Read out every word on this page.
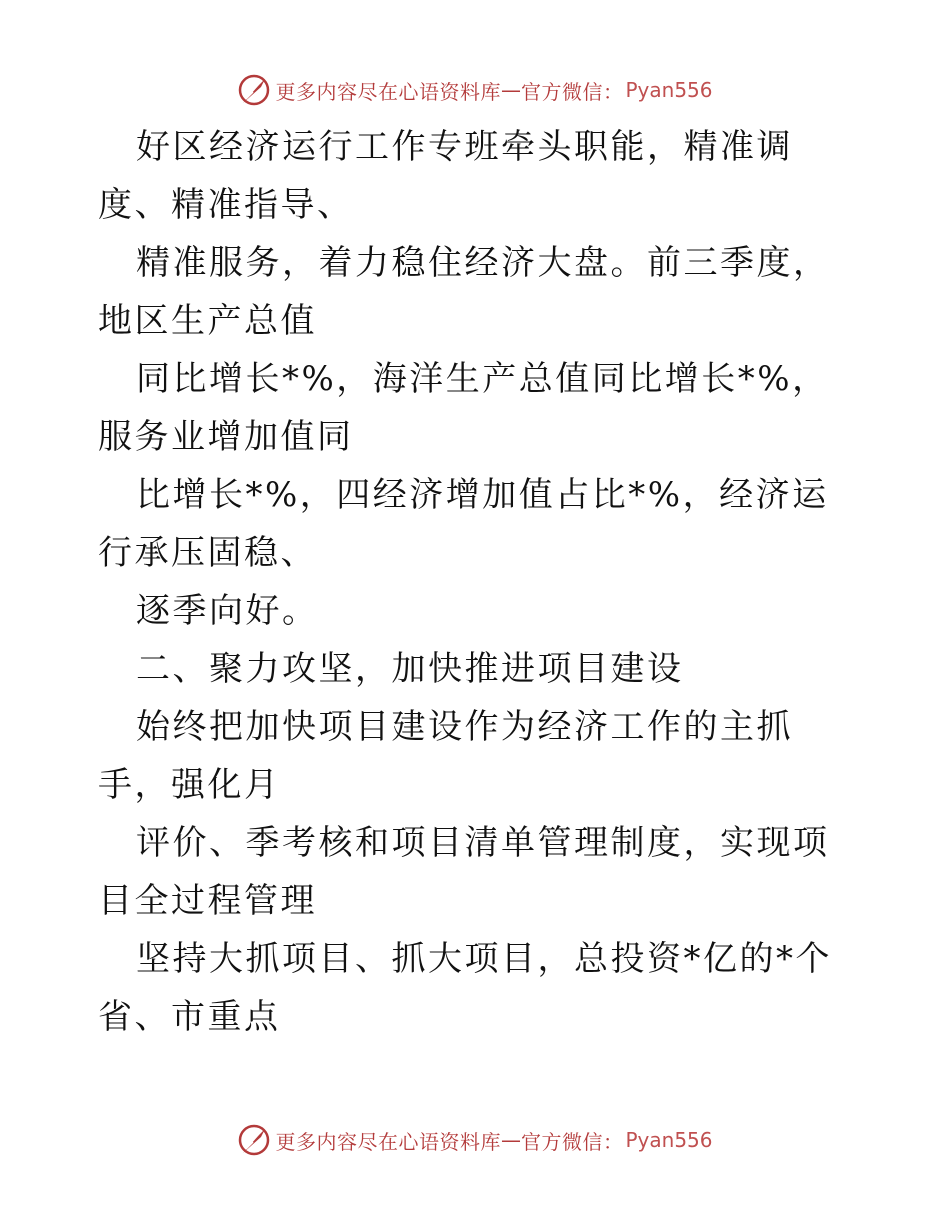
更多内容尽在心语资料库 — 官方微信： Pyan556

好区经济运行工作专班牵头职能，精准调度、精准指导、

精准服务，着力稳住经济大盘。前三季度，地区生产总值

同比增长*%，海洋生产总值同比增长*%，服务业增加值同

比增长*%，四经济增加值占比*%，经济运行承压固稳、

逐季向好。

二、聚力攻坚，加快推进项目建设

始终把加快项目建设作为经济工作的主抓手，强化月

评价、季考核和项目清单管理制度，实现项目全过程管理

坚持大抓项目、抓大项目，总投资*亿的*个省、市重点

更多内容尽在心语资料库 — 官方微信： Pyan556
